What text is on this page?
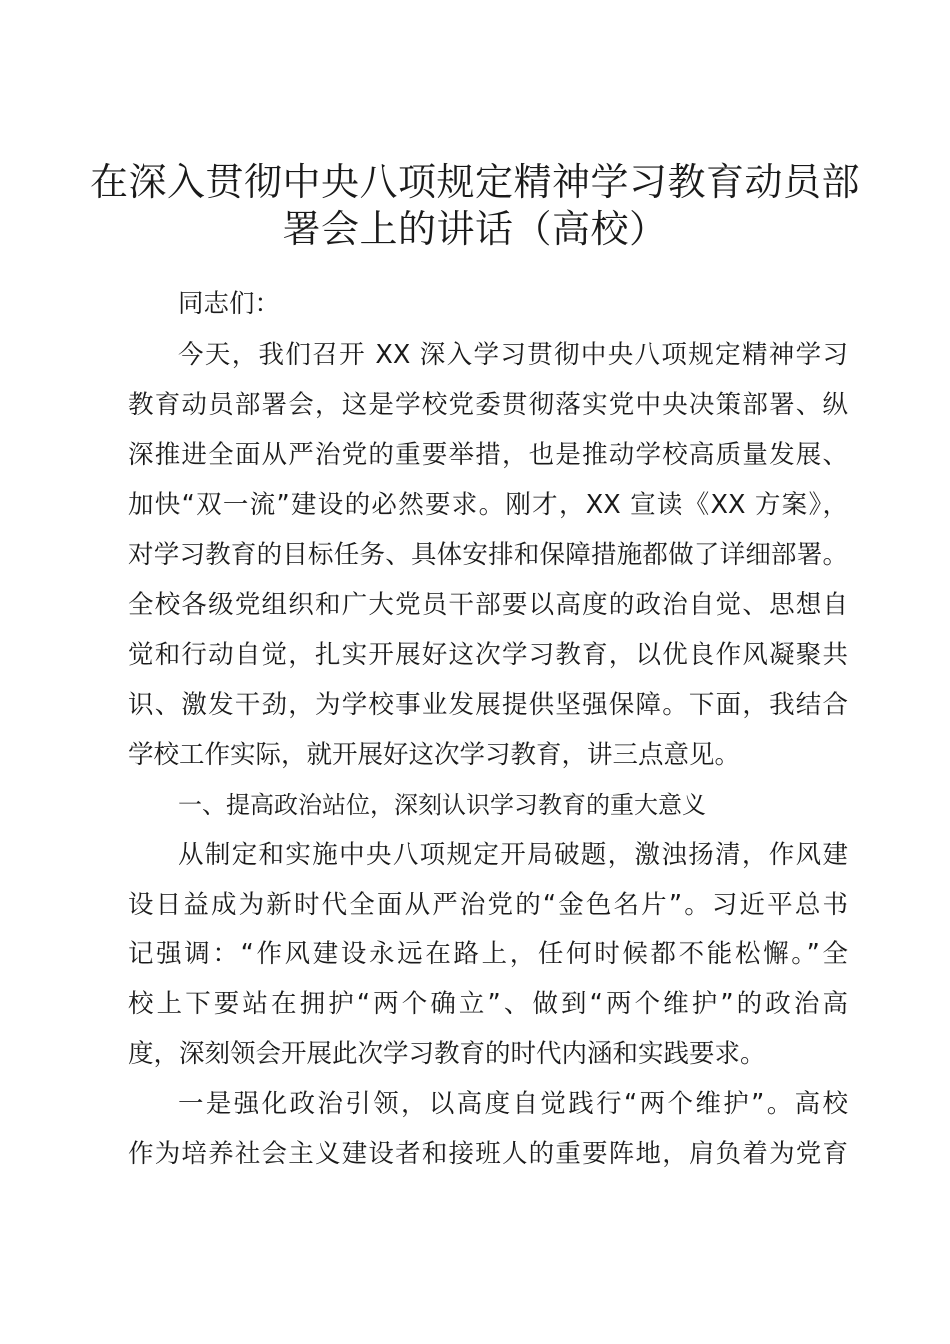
在深入贯彻中央八项规定精神学习教育动员部
署会上的讲话（高校）

同志们：

今天，我们召开 XX 深入学习贯彻中央八项规定精神学习

教育动员部署会，这是学校党委贯彻落实党中央决策部署、纵

深推进全面从严治党的重要举措，也是推动学校高质量发展、

加快“双一流”建设的必然要求。刚才，XX 宣读《XX 方案》，

对学习教育的目标任务、具体安排和保障措施都做了详细部署。

全校各级党组织和广大党员干部要以高度的政治自觉、思想自

觉和行动自觉，扎实开展好这次学习教育，以优良作风凝聚共

识、激发干劲，为学校事业发展提供坚强保障。下面，我结合

学校工作实际，就开展好这次学习教育，讲三点意见。

一、提高政治站位，深刻认识学习教育的重大意义

从制定和实施中央八项规定开局破题，激浊扬清，作风建

设日益成为新时代全面从严治党的“金色名片”。习近平总书

记强调：“作风建设永远在路上，任何时候都不能松懈。”全

校上下要站在拥护“两个确立”、做到“两个维护”的政治高

度，深刻领会开展此次学习教育的时代内涵和实践要求。

一是强化政治引领，以高度自觉践行“两个维护”。高校

作为培养社会主义建设者和接班人的重要阵地，肩负着为党育
